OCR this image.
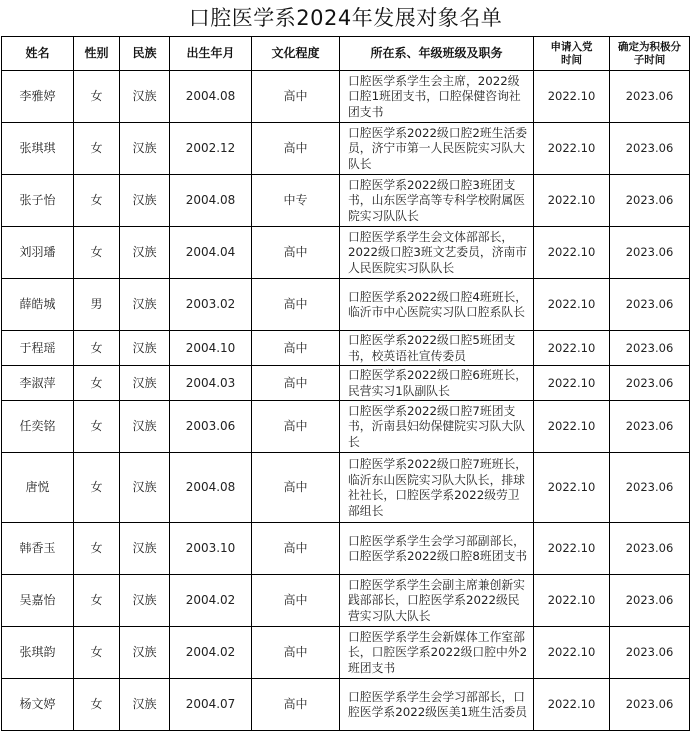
口腔医学系2024年发展对象名单
姓名	性别	民族	出生年月	文化程度	所在系、年级班级及职务	申请入党时间	确定为积极分子时间
李雅婷	女	汉族	2004.08	高中	口腔医学系学生会主席，2022级口腔1班团支书，口腔保健咨询社团支书	2022.10	2023.06
张琪琪	女	汉族	2002.12	高中	口腔医学系2022级口腔2班生活委员，济宁市第一人民医院实习队大队长	2022.10	2023.06
张子怡	女	汉族	2004.08	中专	口腔医学系2022级口腔3班团支书，山东医学高等专科学校附属医院实习队队长	2022.10	2023.06
刘羽璠	女	汉族	2004.04	高中	口腔医学系学生会文体部部长，2022级口腔3班文艺委员，济南市人民医院实习队队长	2022.10	2023.06
薛皓城	男	汉族	2003.02	高中	口腔医学系2022级口腔4班班长，临沂市中心医院实习队口腔系队长	2022.10	2023.06
于程瑶	女	汉族	2004.10	高中	口腔医学系2022级口腔5班团支书，校英语社宣传委员	2022.10	2023.06
李淑萍	女	汉族	2004.03	高中	口腔医学系2022级口腔6班班长，民营实习1队副队长	2022.10	2023.06
任奕铭	女	汉族	2003.06	高中	口腔医学系2022级口腔7班团支书，沂南县妇幼保健院实习队大队长	2022.10	2023.06
唐悦	女	汉族	2004.08	高中	口腔医学系2022级口腔7班班长，临沂东山医院实习队大队长，排球社社长，口腔医学系2022级劳卫部组长	2022.10	2023.06
韩香玉	女	汉族	2003.10	高中	口腔医学系学生会学习部副部长，口腔医学系2022级口腔8班团支书	2022.10	2023.06
吴嘉怡	女	汉族	2004.02	高中	口腔医学系学生会副主席兼创新实践部部长，口腔医学系2022级民营实习队大队长	2022.10	2023.06
张琪韵	女	汉族	2004.02	高中	口腔医学系学生会新媒体工作室部长，口腔医学系2022级口腔中外2班团支书	2022.10	2023.06
杨文婷	女	汉族	2004.07	高中	口腔医学系学生会学习部部长，口腔医学系2022级医美1班生活委员	2022.10	2023.06
